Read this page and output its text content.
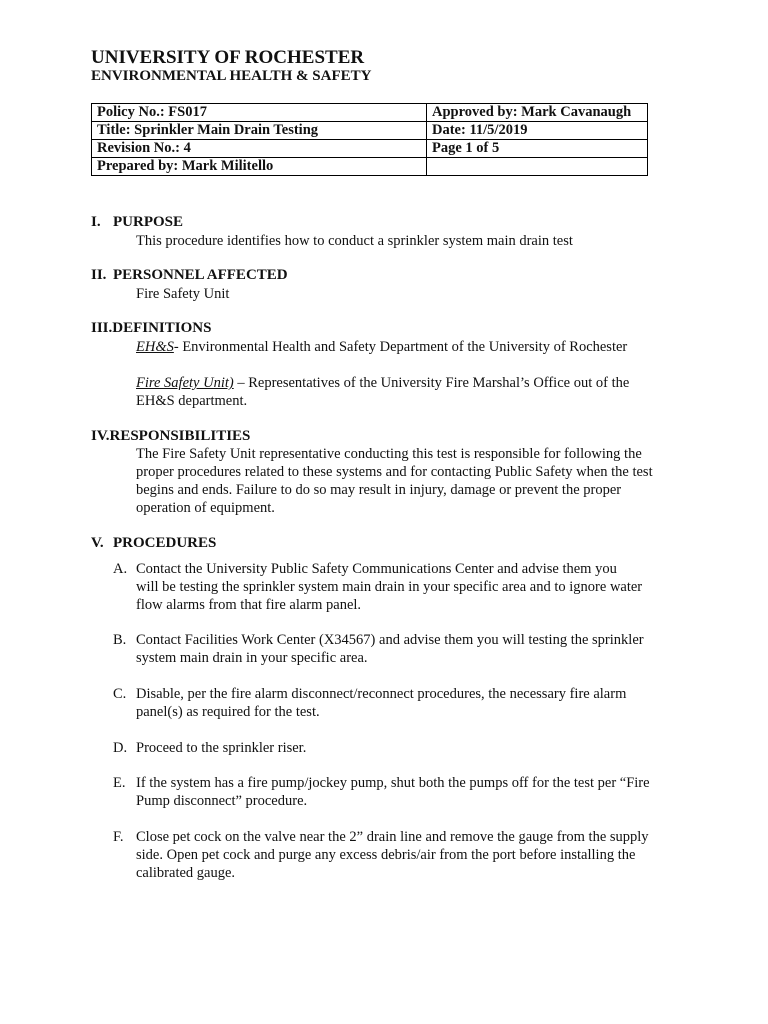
UNIVERSITY OF ROCHESTER
ENVIRONMENTAL HEALTH & SAFETY
Policy No.: FS017	Approved by: Mark Cavanaugh
Title: Sprinkler Main Drain Testing	Date: 11/5/2019
Revision No.: 4	Page 1 of 5
Prepared by: Mark Militello	
I. PURPOSE
This procedure identifies how to conduct a sprinkler system main drain test
II. PERSONNEL AFFECTED
Fire Safety Unit
III.DEFINITIONS
EH&S- Environmental Health and Safety Department of the University of Rochester
Fire Safety Unit) – Representatives of the University Fire Marshal’s Office out of the
EH&S department.
IV.RESPONSIBILITIES
The Fire Safety Unit representative conducting this test is responsible for following the
proper procedures related to these systems and for contacting Public Safety when the test
begins and ends. Failure to do so may result in injury, damage or prevent the proper
operation of equipment.
V. PROCEDURES
A. Contact the University Public Safety Communications Center and advise them you
will be testing the sprinkler system main drain in your specific area and to ignore water
flow alarms from that fire alarm panel.
B. Contact Facilities Work Center (X34567) and advise them you will testing the sprinkler
system main drain in your specific area.
C. Disable, per the fire alarm disconnect/reconnect procedures, the necessary fire alarm
panel(s) as required for the test.
D. Proceed to the sprinkler riser.
E. If the system has a fire pump/jockey pump, shut both the pumps off for the test per “Fire
Pump disconnect” procedure.
F. Close pet cock on the valve near the 2” drain line and remove the gauge from the supply
side. Open pet cock and purge any excess debris/air from the port before installing the
calibrated gauge.
